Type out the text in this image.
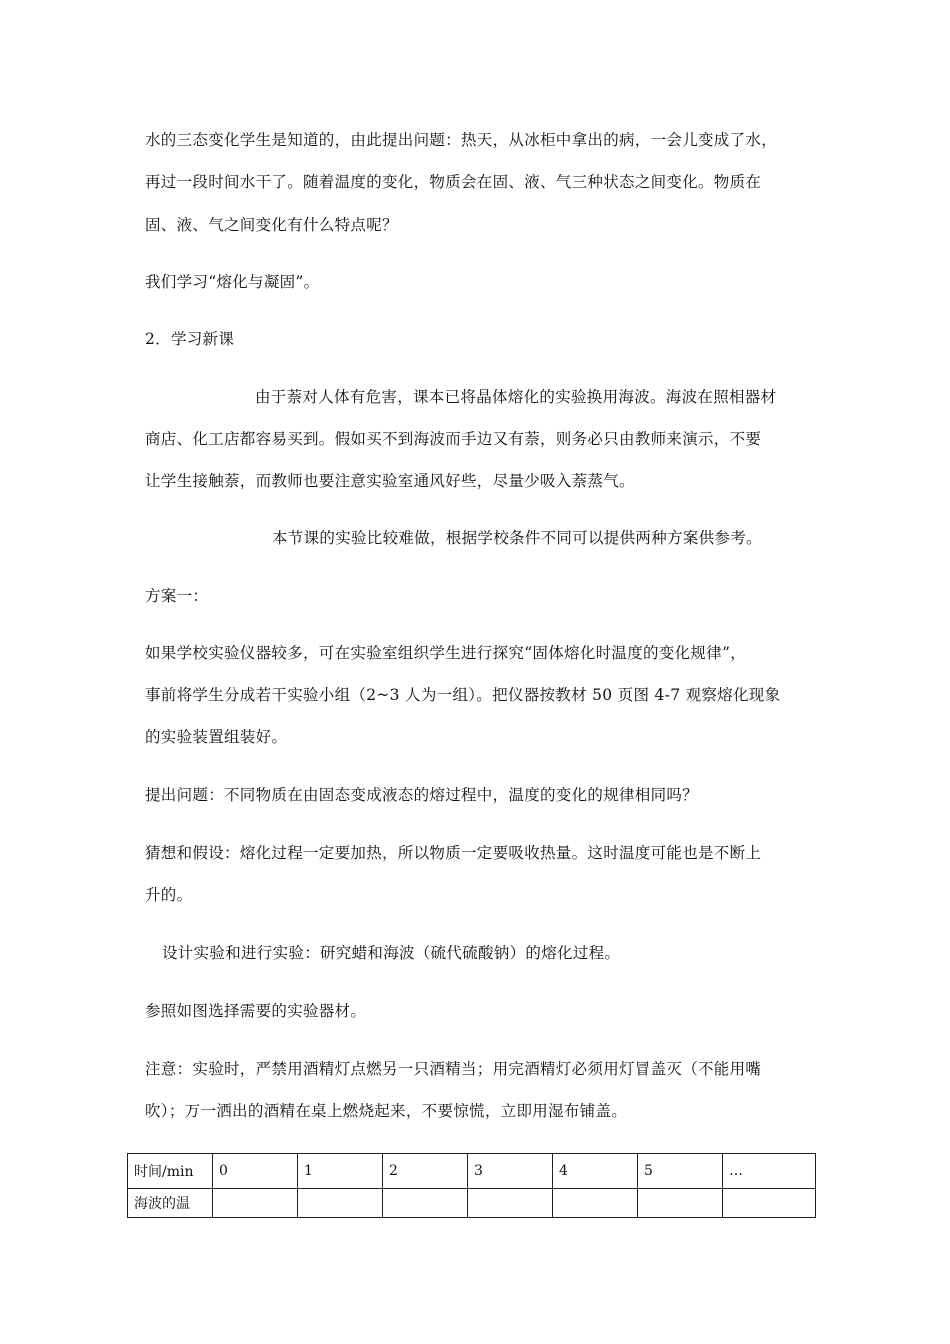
水的三态变化学生是知道的，由此提出问题：热天，从冰柜中拿出的病，一会儿变成了水，
再过一段时间水干了。随着温度的变化，物质会在固、液、气三种状态之间变化。物质在
固、液、气之间变化有什么特点呢？
我们学习“熔化与凝固”。
2．学习新课
由于萘对人体有危害，课本已将晶体熔化的实验换用海波。海波在照相器材
商店、化工店都容易买到。假如买不到海波而手边又有萘，则务必只由教师来演示，不要
让学生接触萘，而教师也要注意实验室通风好些，尽量少吸入萘蒸气。
本节课的实验比较难做，根据学校条件不同可以提供两种方案供参考。
方案一：
如果学校实验仪器较多，可在实验室组织学生进行探究“固体熔化时温度的变化规律”，
事前将学生分成若干实验小组（2~3 人为一组）。把仪器按教材 50 页图 4-7 观察熔化现象
的实验装置组装好。
提出问题：不同物质在由固态变成液态的熔过程中，温度的变化的规律相同吗？
猜想和假设：熔化过程一定要加热，所以物质一定要吸收热量。这时温度可能也是不断上
升的。
设计实验和进行实验：研究蜡和海波（硫代硫酸钠）的熔化过程。
参照如图选择需要的实验器材。
注意：实验时，严禁用酒精灯点燃另一只酒精当；用完酒精灯必须用灯冒盖灭（不能用嘴
吹）；万一洒出的酒精在桌上燃烧起来，不要惊慌，立即用湿布铺盖。
时间/min	0	1	2	3	4	5	…
海波的温							
